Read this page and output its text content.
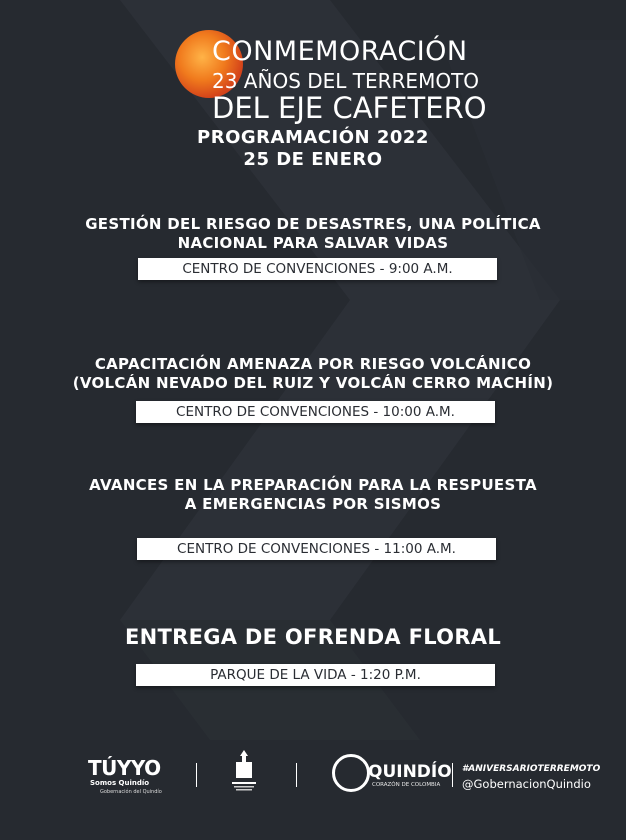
CONMEMORACIÓN
23 AÑOS DEL TERREMOTO
DEL EJE CAFETERO
PROGRAMACIÓN 2022
25 DE ENERO
GESTIÓN DEL RIESGO DE DESASTRES, UNA POLÍTICA
NACIONAL PARA SALVAR VIDAS
CENTRO DE CONVENCIONES - 9:00 A.M.
CAPACITACIÓN AMENAZA POR RIESGO VOLCÁNICO
(VOLCÁN NEVADO DEL RUIZ Y VOLCÁN CERRO MACHÍN)
CENTRO DE CONVENCIONES - 10:00 A.M.
AVANCES EN LA PREPARACIÓN PARA LA RESPUESTA
A EMERGENCIAS POR SISMOS
CENTRO DE CONVENCIONES - 11:00 A.M.
ENTREGA DE OFRENDA FLORAL
PARQUE DE LA VIDA - 1:20 P.M.
TÚYYO
Somos Quindío
Gobernación del Quindío
QUINDÍO
CORAZÓN DE COLOMBIA
#ANIVERSARIOTERREMOTO
@GobernacionQuindio
